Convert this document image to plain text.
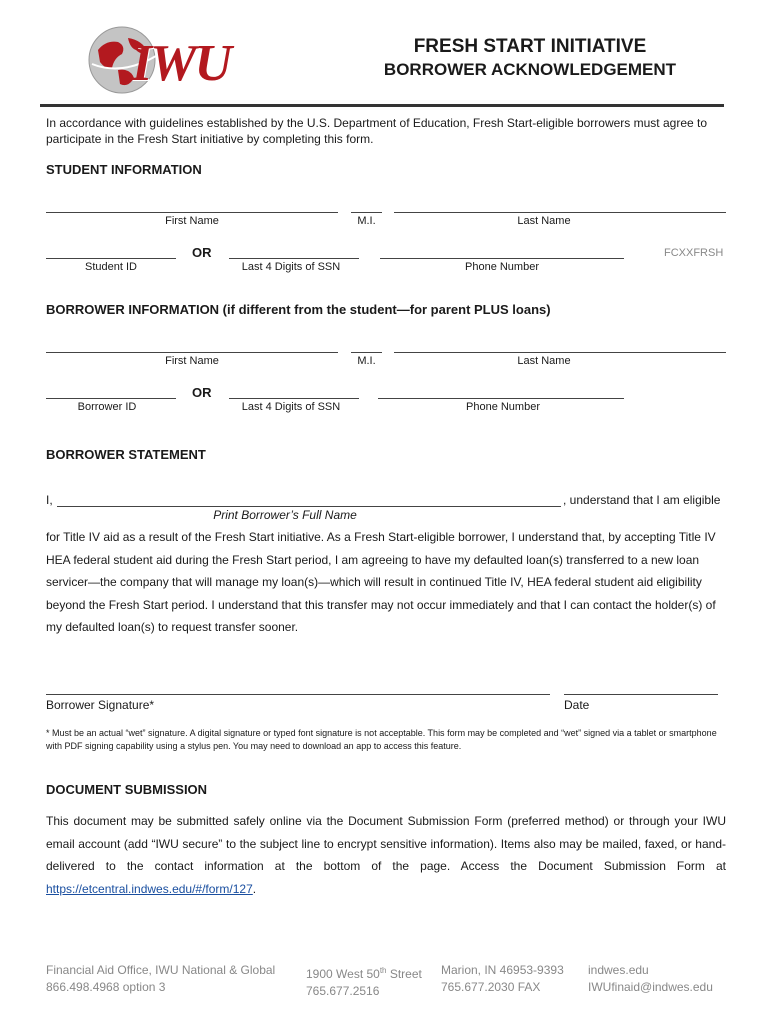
IWU	FRESH START INITIATIVE
BORROWER ACKNOWLEDGEMENT
In accordance with guidelines established by the U.S. Department of Education, Fresh Start-eligible borrowers must agree to participate in the Fresh Start initiative by completing this form.
STUDENT INFORMATION
First Name	M.I.	Last Name
Student ID
OR
Last 4 Digits of SSN	Phone Number
FCXXFRSH
BORROWER INFORMATION (if different from the student—for parent PLUS loans)
First Name	M.I.	Last Name
Borrower ID
OR
Last 4 Digits of SSN	Phone Number
BORROWER STATEMENT
I,	, understand that I am eligible
Print Borrower’s Full Name
for Title IV aid as a result of the Fresh Start initiative. As a Fresh Start-eligible borrower, I understand that, by accepting Title IV HEA federal student aid during the Fresh Start period, I am agreeing to have my defaulted loan(s) transferred to a new loan servicer—the company that will manage my loan(s)—which will result in continued Title IV, HEA federal student aid eligibility beyond the Fresh Start period. I understand that this transfer may not occur immediately and that I can contact the holder(s) of my defaulted loan(s) to request transfer sooner.
Borrower Signature*	Date
* Must be an actual “wet” signature. A digital signature or typed font signature is not acceptable. This form may be completed and “wet” signed via a tablet or smartphone with PDF signing capability using a stylus pen. You may need to download an app to access this feature.
DOCUMENT SUBMISSION
This document may be submitted safely online via the Document Submission Form (preferred method) or through your IWU email account (add “IWU secure” to the subject line to encrypt sensitive information). Items also may be mailed, faxed, or hand-delivered to the contact information at the bottom of the page. Access the Document Submission Form at https://etcentral.indwes.edu/#/form/127.
Financial Aid Office, IWU National & Global
866.498.4968 option 3
1900 West 50th Street
765.677.2516
Marion, IN 46953-9393
765.677.2030 FAX
indwes.edu
IWUfinaid@indwes.edu
